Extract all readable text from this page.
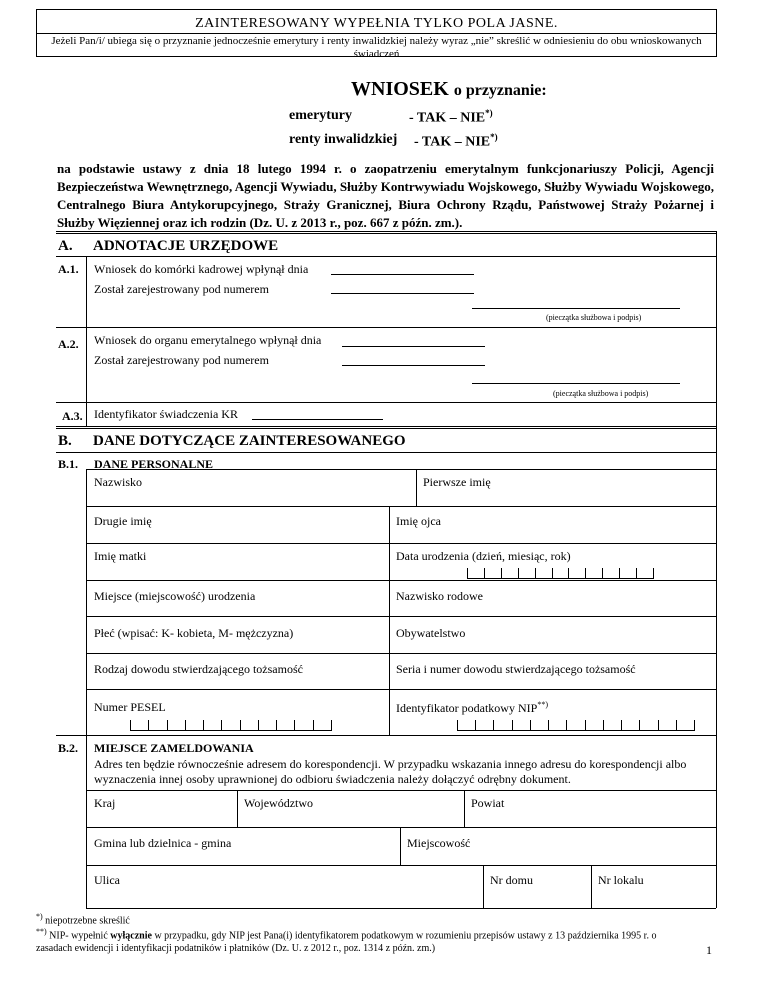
ZAINTERESOWANY WYPEŁNIA TYLKO POLA JASNE.
Jeżeli Pan/i/ ubiega się o przyznanie jednocześnie emerytury i renty inwalidzkiej należy wyraz „nie” skreślić w odniesieniu do obu wnioskowanych świadczeń
WNIOSEK o przyznanie:
emerytury	- TAK – NIE*)
renty inwalidzkiej - TAK – NIE*)
na podstawie ustawy z dnia 18 lutego 1994 r. o zaopatrzeniu emerytalnym funkcjonariuszy Policji, Agencji Bezpieczeństwa Wewnętrznego, Agencji Wywiadu, Służby Kontrwywiadu Wojskowego, Służby Wywiadu Wojskowego, Centralnego Biura Antykorupcyjnego, Straży Granicznej, Biura Ochrony Rządu, Państwowej Straży Pożarnej i Służby Więziennej oraz ich rodzin (Dz. U. z 2013 r., poz. 667 z późn. zm.).
A. ADNOTACJE URZĘDOWE
A.1. Wniosek do komórki kadrowej wpłynął dnia
Został zarejestrowany pod numerem
(pieczątka służbowa i podpis)
A.2. Wniosek do organu emerytalnego wpłynął dnia
Został zarejestrowany pod numerem
(pieczątka służbowa i podpis)
A.3. Identyfikator świadczenia KR
B. DANE DOTYCZĄCE ZAINTERESOWANEGO
B.1. DANE PERSONALNE
Nazwisko	Pierwsze imię
Drugie imię	Imię ojca
Imię matki	Data urodzenia (dzień, miesiąc, rok)
Miejsce (miejscowość) urodzenia	Nazwisko rodowe
Płeć (wpisać: K- kobieta, M- mężczyzna)	Obywatelstwo
Rodzaj dowodu stwierdzającego tożsamość	Seria i numer dowodu stwierdzającego tożsamość
Numer PESEL	Identyfikator podatkowy NIP**)
B.2. MIEJSCE ZAMELDOWANIA
Adres ten będzie równocześnie adresem do korespondencji. W przypadku wskazania innego adresu do korespondencji albo wyznaczenia innej osoby uprawnionej do odbioru świadczenia należy dołączyć odrębny dokument.
Kraj	Województwo	Powiat
Gmina lub dzielnica - gmina	Miejscowość
Ulica	Nr domu	Nr lokalu
*) niepotrzebne skreślić
**) NIP- wypełnić wyłącznie w przypadku, gdy NIP jest Pana(i) identyfikatorem podatkowym w rozumieniu przepisów ustawy z 13 października 1995 r. o zasadach ewidencji i identyfikacji podatników i płatników (Dz. U. z 2012 r., poz. 1314 z późn. zm.)	1
